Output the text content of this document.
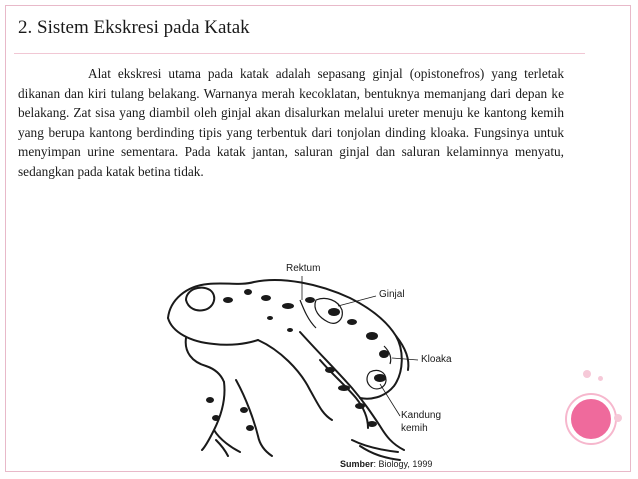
2. Sistem Ekskresi pada Katak
Alat ekskresi utama pada katak adalah sepasang ginjal (opistonefros) yang terletak dikanan dan kiri tulang belakang. Warnanya merah kecoklatan, bentuknya memanjang dari depan ke belakang. Zat sisa yang diambil oleh ginjal akan disalurkan melalui ureter menuju ke kantong kemih yang berupa kantong berdinding tipis yang terbentuk dari tonjolan dinding kloaka. Fungsinya untuk menyimpan urine sementara. Pada katak jantan, saluran ginjal dan saluran kelaminnya menyatu, sedangkan pada katak betina tidak.
Rektum
Ginjal
Kloaka
Kandung
kemih
Sumber: Biology, 1999
